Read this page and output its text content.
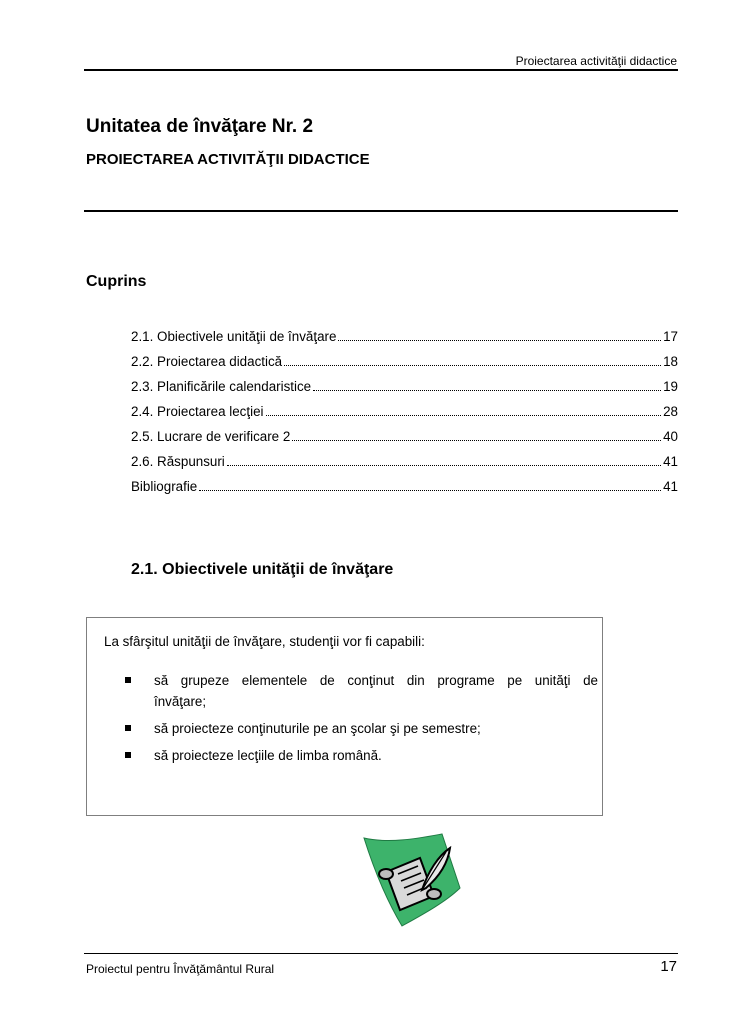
Proiectarea activităţii didactice
Unitatea de învăţare Nr. 2
PROIECTAREA ACTIVITĂŢII DIDACTICE
Cuprins
2.1. Obiectivele unităţii de învăţare	17
2.2. Proiectarea didactică	18
2.3. Planificările calendaristice	19
2.4. Proiectarea lecţiei	28
2.5. Lucrare de verificare 2	40
2.6. Răspunsuri	41
Bibliografie	41
2.1. Obiectivele unităţii de învăţare
La sfârşitul unităţii de învăţare, studenţii vor fi capabili:
să grupeze elementele de conţinut din programe pe unităţi de învăţare;
să proiecteze conţinuturile pe an şcolar şi pe semestre;
să proiecteze lecţiile de limba română.
Proiectul pentru Învăţământul Rural	17
